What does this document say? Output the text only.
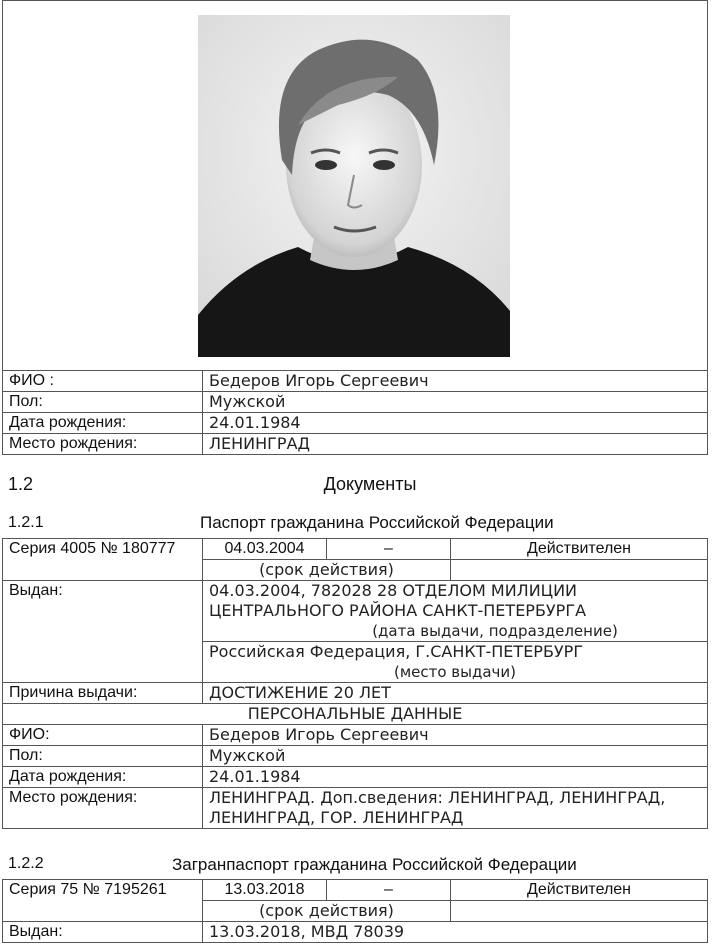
ФИО :	Бедеров Игорь Сергеевич
Пол:	Мужской
Дата рождения:	24.01.1984
Место рождения:	ЛЕНИНГРАД
1.2	Документы
1.2.1	Паспорт гражданина Российской Федерации
Серия 4005 № 180777	04.03.2004	–	Действителен
	(срок действия)		
Выдан:	04.03.2004, 782028 28 ОТДЕЛОМ МИЛИЦИИ
ЦЕНТРАЛЬНОГО РАЙОНА САНКТ-ПЕТЕРБУРГА
(дата выдачи, подразделение)		

	Российская Федерация, Г.САНКТ-ПЕТЕРБУРГ
(место выдачи)		

Причина выдачи:	ДОСТИЖЕНИЕ 20 ЛЕТ		
ПЕРСОНАЛЬНЫЕ ДАННЫЕ			
ФИО:	Бедеров Игорь Сергеевич		
Пол:	Мужской		
Дата рождения:	24.01.1984		
Место рождения:	ЛЕНИНГРАД. Доп.сведения: ЛЕНИНГРАД, ЛЕНИНГРАД,
ЛЕНИНГРАД, ГОР. ЛЕНИНГРАД		
1.2.2	Загранпаспорт гражданина Российской Федерации
Серия 75 № 7195261	13.03.2018	–	Действителен
	(срок действия)		
Выдан:	13.03.2018, МВД 78039		
